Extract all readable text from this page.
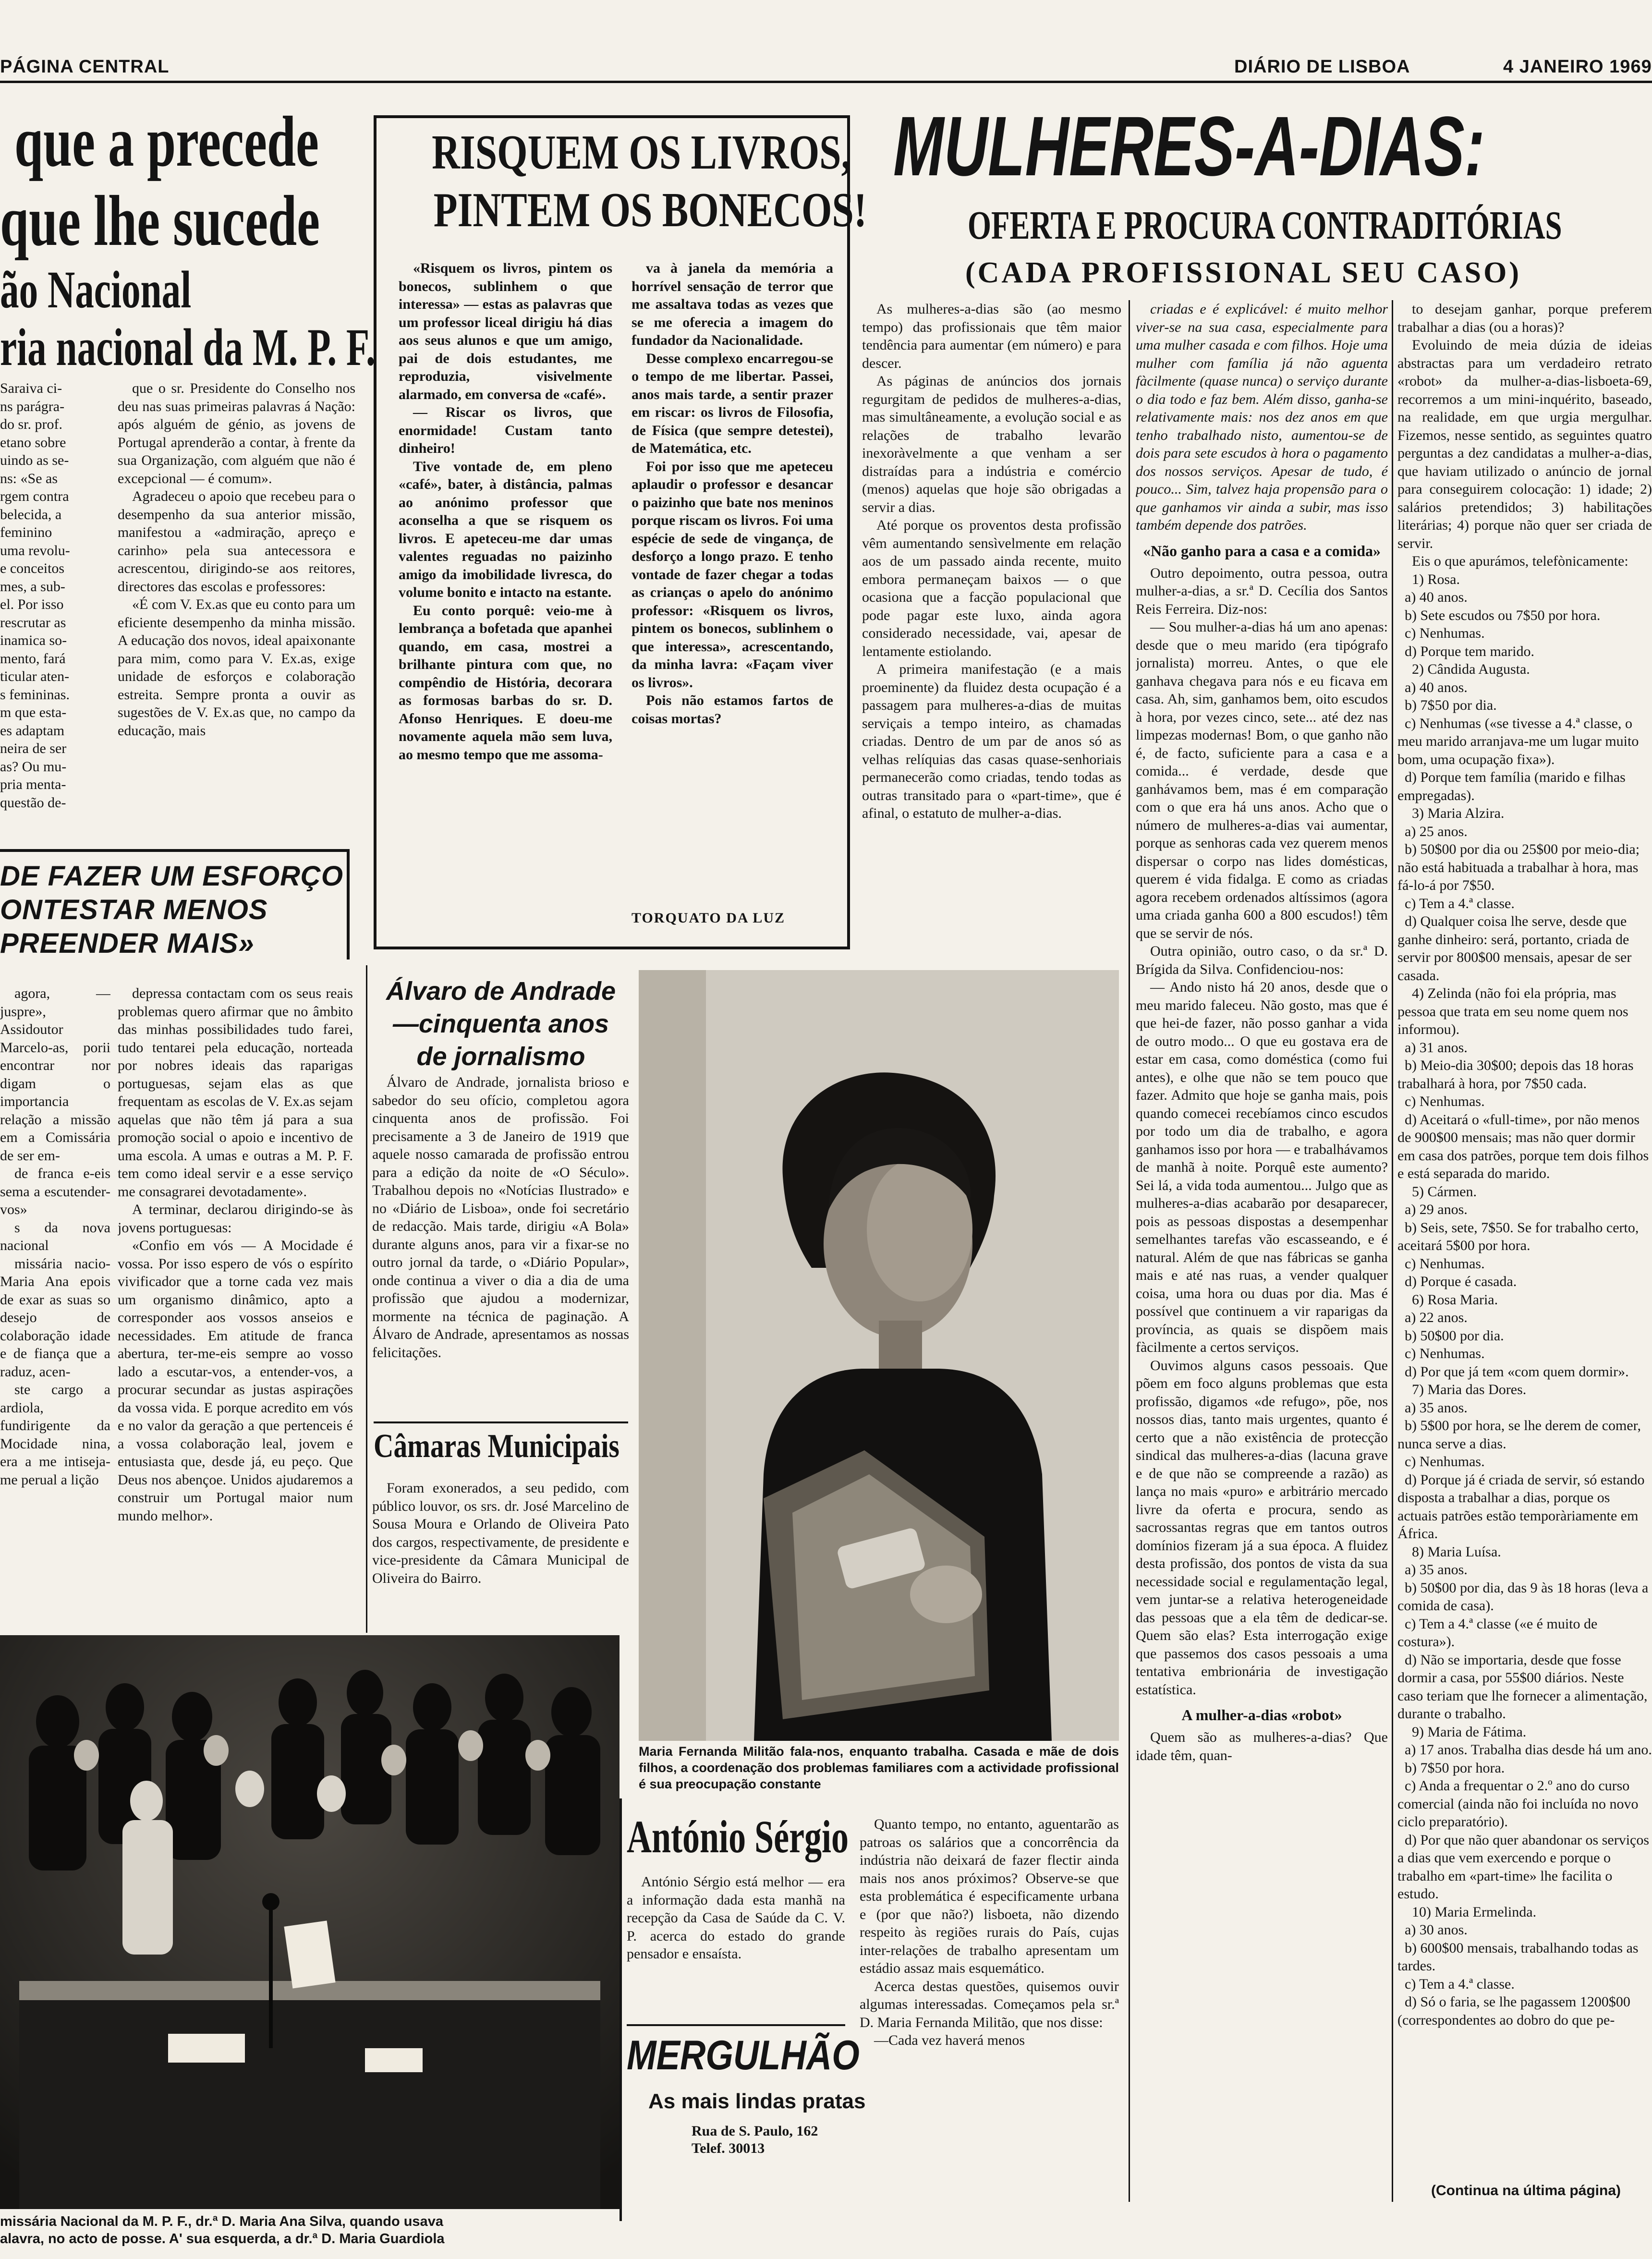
PÁGINA CENTRAL	DIÁRIO DE LISBOA	4 JANEIRO 1969
que a precede
que lhe sucede
ão Nacional
ria nacional da M. P. F.

Saraiva ci-

ns parágra-

do sr. prof.

etano sobre

uindo as se-

ns: «Se as

rgem contra

belecida, a

feminino

uma revolu-

e conceitos

mes, a sub-

el. Por isso

rescrutar as

inamica so-

mento, fará

ticular aten-

s femininas.

m que esta-

es adaptam

neira de ser

as? Ou mu-

pria menta-

questão de-

que o sr. Presidente do Conselho nos deu nas suas primeiras palavras á Nação: após alguém de génio, as jovens de Portugal aprenderão a contar, à frente da sua Organização, com alguém que não é excepcional — é comum».

Agradeceu o apoio que recebeu para o desempenho da sua anterior missão, manifestou a «admiração, apreço e carinho» pela sua antecessora e acrescentou, dirigindo-se aos reitores, directores das escolas e professores:

«É com V. Ex.as que eu conto para um eficiente desempenho da minha missão. A educação dos novos, ideal apaixonante para mim, como para V. Ex.as, exige unidade de esforços e colaboração estreita. Sempre pronta a ouvir as sugestões de V. Ex.as que, no campo da educação, mais

DE FAZER UM ESFORÇO
ONTESTAR MENOS
PREENDER MAIS»

agora, — juspre», Assidoutor Marcelo-as, porii encontrar nor digam o importancia relação a missão em a Comissária de ser em-

de franca e-eis sema a escutender-vos»

s da nova nacional

missária nacio-Maria Ana epois de exar as suas so desejo de colaboração idade e de fiança que a raduz, acen-

ste cargo a ardiola, fundirigente da Mocidade nina, era a me intiseja-me perual a lição

depressa contactam com os seus reais problemas quero afirmar que no âmbito das minhas possibilidades tudo farei, tudo tentarei pela educação, norteada por nobres ideais das raparigas portuguesas, sejam elas as que frequentam as escolas de V. Ex.as sejam aquelas que não têm já para a sua promoção social o apoio e incentivo de uma escola. A umas e outras a M. P. F. tem como ideal servir e a esse serviço me consagrarei devotadamente».

A terminar, declarou dirigindo-se às jovens portuguesas:

«Confio em vós — A Mocidade é vossa. Por isso espero de vós o espírito vivificador que a torne cada vez mais um organismo dinâmico, apto a corresponder aos vossos anseios e necessidades. Em atitude de franca abertura, ter-me-eis sempre ao vosso lado a escutar-vos, a entender-vos, a procurar secundar as justas aspirações da vossa vida. E porque acredito em vós e no valor da geração a que pertenceis é a vossa colaboração leal, jovem e entusiasta que, desde já, eu peço. Que Deus nos abençoe. Unidos ajudaremos a construir um Portugal maior num mundo melhor».

missária Nacional da M. P. F., dr.ª D. Maria Ana Silva, quando usava
alavra, no acto de posse. A' sua esquerda, a dr.ª D. Maria Guardiola
RISQUEM OS LIVROS,
PINTEM OS BONECOS!

«Risquem os livros, pintem os bonecos, sublinhem o que interessa» — estas as palavras que um professor liceal dirigiu há dias aos seus alunos e que um amigo, pai de dois estudantes, me reproduzia, visivelmente alarmado, em conversa de «café».

— Riscar os livros, que enormidade! Custam tanto dinheiro!

Tive vontade de, em pleno «café», bater, à distância, palmas ao anónimo professor que aconselha a que se risquem os livros. E apeteceu-me dar umas valentes reguadas no paizinho amigo da imobilidade livresca, do volume bonito e intacto na estante.

Eu conto porquê: veio-me à lembrança a bofetada que apanhei quando, em casa, mostrei a brilhante pintura com que, no compêndio de História, decorara as formosas barbas do sr. D. Afonso Henriques. E doeu-me novamente aquela mão sem luva, ao mesmo tempo que me assoma-

va à janela da memória a horrível sensação de terror que me assaltava todas as vezes que se me oferecia a imagem do fundador da Nacionalidade.

Desse complexo encarregou-se o tempo de me libertar. Passei, anos mais tarde, a sentir prazer em riscar: os livros de Filosofia, de Física (que sempre detestei), de Matemática, etc.

Foi por isso que me apeteceu aplaudir o professor e desancar o paizinho que bate nos meninos porque riscam os livros. Foi uma espécie de sede de vingança, de desforço a longo prazo. E tenho vontade de fazer chegar a todas as crianças o apelo do anónimo professor: «Risquem os livros, pintem os bonecos, sublinhem o que interessa», acrescentando, da minha lavra: «Façam viver os livros».

Pois não estamos fartos de coisas mortas?

TORQUATO DA LUZ
Álvaro de Andrade
—cinquenta anos
de jornalismo

Álvaro de Andrade, jornalista brioso e sabedor do seu ofício, completou agora cinquenta anos de profissão. Foi precisamente a 3 de Janeiro de 1919 que aquele nosso camarada de profissão entrou para a edição da noite de «O Século». Trabalhou depois no «Notícias Ilustrado» e no «Diário de Lisboa», onde foi secretário de redacção. Mais tarde, dirigiu «A Bola» durante alguns anos, para vir a fixar-se no outro jornal da tarde, o «Diário Popular», onde continua a viver o dia a dia de uma profissão que ajudou a modernizar, mormente na técnica de paginação. A Álvaro de Andrade, apresentamos as nossas felicitações.

Câmaras Municipais

Foram exonerados, a seu pedido, com público louvor, os srs. dr. José Marcelino de Sousa Moura e Orlando de Oliveira Pato dos cargos, respectivamente, de presidente e vice-presidente da Câmara Municipal de Oliveira do Bairro.

Maria Fernanda Militão fala-nos, enquanto trabalha. Casada e mãe de dois filhos, a coordenação dos problemas familiares com a actividade profissional é sua preocupação constante
António Sérgio

António Sérgio está melhor — era a informação dada esta manhã na recepção da Casa de Saúde da C. V. P. acerca do estado do grande pensador e ensaísta.

MERGULHÃO
As mais lindas pratas
Rua de S. Paulo, 162
Telef. 30013

Quanto tempo, no entanto, aguentarão as patroas os salários que a concorrência da indústria não deixará de fazer flectir ainda mais nos anos próximos? Observe-se que esta problemática é especificamente urbana e (por que não?) lisboeta, não dizendo respeito às regiões rurais do País, cujas inter-relações de trabalho apresentam um estádio assaz mais esquemático.

Acerca destas questões, quisemos ouvir algumas interessadas. Começamos pela sr.ª D. Maria Fernanda Militão, que nos disse:

—Cada vez haverá menos

MULHERES-A-DIAS:
OFERTA E PROCURA CONTRADITÓRIAS
(CADA PROFISSIONAL SEU CASO)

As mulheres-a-dias são (ao mesmo tempo) das profissionais que têm maior tendência para aumentar (em número) e para descer.

As páginas de anúncios dos jornais regurgitam de pedidos de mulheres-a-dias, mas simultâneamente, a evolução social e as relações de trabalho levarão inexoràvelmente a que venham a ser distraídas para a indústria e comércio (menos) aquelas que hoje são obrigadas a servir a dias.

Até porque os proventos desta profissão vêm aumentando sensìvelmente em relação aos de um passado ainda recente, muito embora permaneçam baixos — o que ocasiona que a facção populacional que pode pagar este luxo, ainda agora considerado necessidade, vai, apesar de lentamente estiolando.

A primeira manifestação (e a mais proeminente) da fluidez desta ocupação é a passagem para mulheres-a-dias de muitas serviçais a tempo inteiro, as chamadas criadas. Dentro de um par de anos só as velhas relíquias das casas quase-senhoriais permanecerão como criadas, tendo todas as outras transitado para o «part-time», que é afinal, o estatuto de mulher-a-dias.

criadas e é explicável: é muito melhor viver-se na sua casa, especialmente para uma mulher casada e com filhos. Hoje uma mulher com família já não aguenta fàcilmente (quase nunca) o serviço durante o dia todo e faz bem. Além disso, ganha-se relativamente mais: nos dez anos em que tenho trabalhado nisto, aumentou-se de dois para sete escudos à hora o pagamento dos nossos serviços. Apesar de tudo, é pouco... Sim, talvez haja propensão para o que ganhamos vir ainda a subir, mas isso também depende dos patrões.

«Não ganho para a casa e a comida»

Outro depoimento, outra pessoa, outra mulher-a-dias, a sr.ª D. Cecília dos Santos Reis Ferreira. Diz-nos:

— Sou mulher-a-dias há um ano apenas: desde que o meu marido (era tipógrafo jornalista) morreu. Antes, o que ele ganhava chegava para nós e eu ficava em casa. Ah, sim, ganhamos bem, oito escudos à hora, por vezes cinco, sete... até dez nas limpezas modernas! Bom, o que ganho não é, de facto, suficiente para a casa e a comida... é verdade, desde que ganhávamos bem, mas é em comparação com o que era há uns anos. Acho que o número de mulheres-a-dias vai aumentar, porque as senhoras cada vez querem menos dispersar o corpo nas lides domésticas, querem é vida fidalga. E como as criadas agora recebem ordenados altíssimos (agora uma criada ganha 600 a 800 escudos!) têm que se servir de nós.

Outra opinião, outro caso, o da sr.ª D. Brígida da Silva. Confidenciou-nos:

— Ando nisto há 20 anos, desde que o meu marido faleceu. Não gosto, mas que é que hei-de fazer, não posso ganhar a vida de outro modo... O que eu gostava era de estar em casa, como doméstica (como fui antes), e olhe que não se tem pouco que fazer. Admito que hoje se ganha mais, pois quando comecei recebíamos cinco escudos por todo um dia de trabalho, e agora ganhamos isso por hora — e trabalhávamos de manhã à noite. Porquê este aumento? Sei lá, a vida toda aumentou... Julgo que as mulheres-a-dias acabarão por desaparecer, pois as pessoas dispostas a desempenhar semelhantes tarefas vão escasseando, e é natural. Além de que nas fábricas se ganha mais e até nas ruas, a vender qualquer coisa, uma hora ou duas por dia. Mas é possível que continuem a vir raparigas da província, as quais se dispõem mais fàcilmente a certos serviços.

Ouvimos alguns casos pessoais. Que põem em foco alguns problemas que esta profissão, digamos «de refugo», põe, nos nossos dias, tanto mais urgentes, quanto é certo que a não existência de protecção sindical das mulheres-a-dias (lacuna grave e de que não se compreende a razão) as lança no mais «puro» e arbitrário mercado livre da oferta e procura, sendo as sacrossantas regras que em tantos outros domínios fizeram já a sua época. A fluidez desta profissão, dos pontos de vista da sua necessidade social e regulamentação legal, vem juntar-se a relativa heterogeneidade das pessoas que a ela têm de dedicar-se. Quem são elas? Esta interrogação exige que passemos dos casos pessoais a uma tentativa embrionária de investigação estatística.

A mulher-a-dias «robot»

Quem são as mulheres-a-dias? Que idade têm, quan-

to desejam ganhar, porque preferem trabalhar a dias (ou a horas)?

Evoluindo de meia dúzia de ideias abstractas para um verdadeiro retrato «robot» da mulher-a-dias-lisboeta-69, recorremos a um mini-inquérito, baseado, na realidade, em que urgia mergulhar. Fizemos, nesse sentido, as seguintes quatro perguntas a dez candidatas a mulher-a-dias, que haviam utilizado o anúncio de jornal para conseguirem colocação: 1) idade; 2) salários pretendidos; 3) habilitações literárias; 4) porque não quer ser criada de servir.

Eis o que apurámos, telefònicamente:

1) Rosa.

a) 40 anos.

b) Sete escudos ou 7$50 por hora.

c) Nenhumas.

d) Porque tem marido.

2) Cândida Augusta.

a) 40 anos.

b) 7$50 por dia.

c) Nenhumas («se tivesse a 4.ª classe, o meu marido arranjava-me um lugar muito bom, uma ocupação fixa»).

d) Porque tem família (marido e filhas empregadas).

3) Maria Alzira.

a) 25 anos.

b) 50$00 por dia ou 25$00 por meio-dia; não está habituada a trabalhar à hora, mas fá-lo-á por 7$50.

c) Tem a 4.ª classe.

d) Qualquer coisa lhe serve, desde que ganhe dinheiro: será, portanto, criada de servir por 800$00 mensais, apesar de ser casada.

4) Zelinda (não foi ela própria, mas pessoa que trata em seu nome quem nos informou).

a) 31 anos.

b) Meio-dia 30$00; depois das 18 horas trabalhará à hora, por 7$50 cada.

c) Nenhumas.

d) Aceitará o «full-time», por não menos de 900$00 mensais; mas não quer dormir em casa dos patrões, porque tem dois filhos e está separada do marido.

5) Cármen.

a) 29 anos.

b) Seis, sete, 7$50. Se for trabalho certo, aceitará 5$00 por hora.

c) Nenhumas.

d) Porque é casada.

6) Rosa Maria.

a) 22 anos.

b) 50$00 por dia.

c) Nenhumas.

d) Por que já tem «com quem dormir».

7) Maria das Dores.

a) 35 anos.

b) 5$00 por hora, se lhe derem de comer, nunca serve a dias.

c) Nenhumas.

d) Porque já é criada de servir, só estando disposta a trabalhar a dias, porque os actuais patrões estão temporàriamente em África.

8) Maria Luísa.

a) 35 anos.

b) 50$00 por dia, das 9 às 18 horas (leva a comida de casa).

c) Tem a 4.ª classe («e é muito de costura»).

d) Não se importaria, desde que fosse dormir a casa, por 55$00 diários. Neste caso teriam que lhe fornecer a alimentação, durante o trabalho.

9) Maria de Fátima.

a) 17 anos. Trabalha dias desde há um ano.

b) 7$50 por hora.

c) Anda a frequentar o 2.º ano do curso comercial (ainda não foi incluída no novo ciclo preparatório).

d) Por que não quer abandonar os serviços a dias que vem exercendo e porque o trabalho em «part-time» lhe facilita o estudo.

10) Maria Ermelinda.

a) 30 anos.

b) 600$00 mensais, trabalhando todas as tardes.

c) Tem a 4.ª classe.

d) Só o faria, se lhe pagassem 1200$00 (correspondentes ao dobro do que pe-

(Continua na última página)
